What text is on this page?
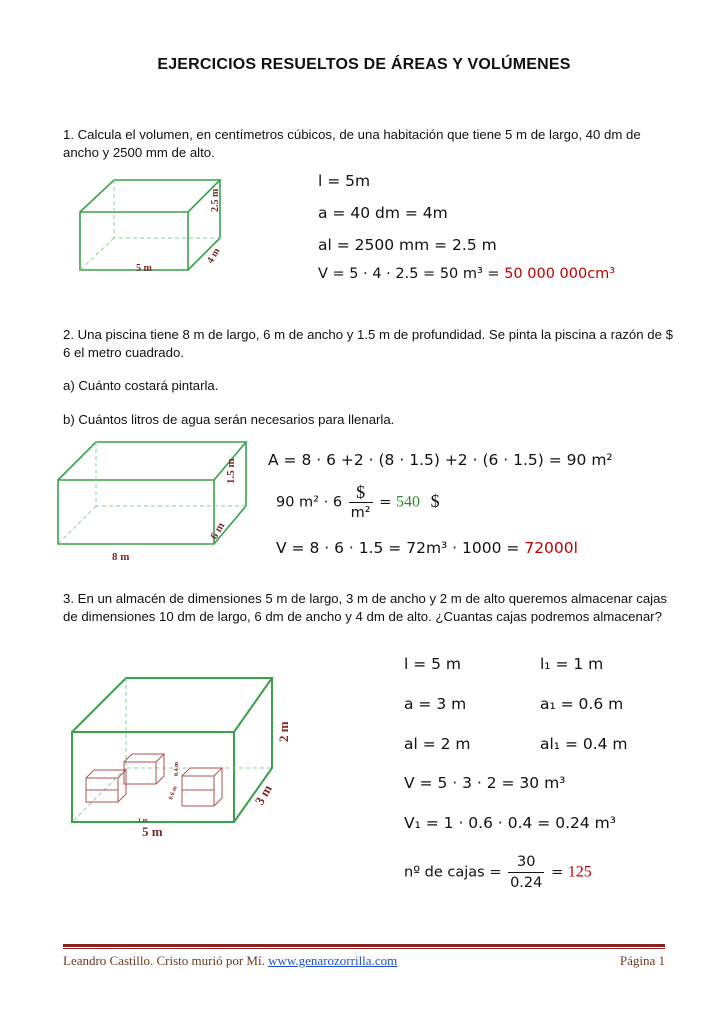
EJERCICIOS RESUELTOS DE ÁREAS Y VOLÚMENES
1. Calcula el volumen, en centímetros cúbicos, de una habitación que tiene 5 m de largo, 40 dm de ancho y 2500 mm de alto.
5 m
2.5 m
4 m
l = 5m
a = 40 dm = 4m
al = 2500 mm = 2.5 m
V = 5 · 4 · 2.5 = 50 m³ = 50 000 000cm³
2. Una piscina tiene 8 m de largo, 6 m de ancho y 1.5 m de profundidad. Se pinta la piscina a razón de $ 6 el metro cuadrado.
a) Cuánto costará pintarla.
b) Cuántos litros de agua serán necesarios para llenarla.
8 m
1.5 m
6 m
A = 8 · 6 +2 · (8 · 1.5) +2 · (6 · 1.5) = 90 m²
90 $m^2 \cdot 6 \frac{\$}{\text{m²}} = 540$ $
V = 8 · 6 · 1.5 = 72m³ · 1000 = 72000l
3. En un almacén de dimensiones 5 m de largo, 3 m de ancho y 2 m de alto queremos almacenar cajas de dimensiones 10 dm de largo, 6 dm de ancho y 4 dm de alto. ¿Cuantas cajas podremos almacenar?
1 m
0.6 m
0.4 m
5 m
2 m
3 m
l = 5 m	l₁ = 1 m
a = 3 m	a₁ = 0.6 m
al = 2 m	al₁ = 0.4 m
V = 5 · 3 · 2 = 30 m³
V₁ = 1 · 0.6 · 0.4 = 0.24 m³
nº de cajas = $\frac{30}{0.24} = 125$
Leandro Castillo. Cristo murió por Mí. www.genarozorrilla.com	Página 1
